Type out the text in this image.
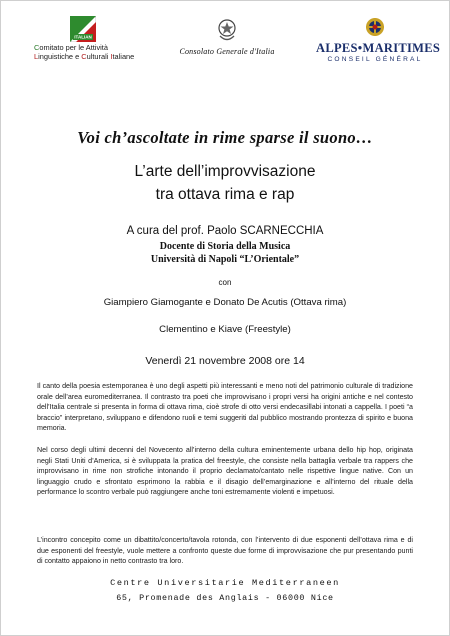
ITALIAN
Comitato per le Attività
Linguistiche e Culturali Italiane
Consolato Generale d'Italia	ALPES•MARITIMES
CONSEIL GÉNÉRAL
Voi ch’ascoltate in rime sparse il suono…
L’arte dell’improvvisazione
tra ottava rima e rap
A cura del prof. Paolo SCARNECCHIA
Docente di Storia della Musica
Università di Napoli “L’Orientale”
con
Giampiero Giamogante e Donato De Acutis (Ottava rima)
Clementino e Kiave (Freestyle)
Venerdì 21 novembre 2008 ore 14
Il canto della poesia estemporanea è uno degli aspetti più interessanti e meno noti del patrimonio culturale di tradizione orale dell’area euromediterranea. Il contrasto tra poeti che improvvisano i propri versi ha origini antiche e nel contesto dell’Italia centrale si presenta in forma di ottava rima, cioè strofe di otto versi endecasillabi intonati a cappella. I poeti “a braccio” interpretano, sviluppano e difendono ruoli e temi suggeriti dal pubblico mostrando prontezza di spirito e buona memoria.
Nel corso degli ultimi decenni del Novecento all’interno della cultura eminentemente urbana dello hip hop, originata negli Stati Uniti d’America, si è sviluppata la pratica del freestyle, che consiste nella battaglia verbale tra rappers che improvvisano in rime non strofiche intonando il proprio declamato/cantato nelle rispettive lingue native. Con un linguaggio crudo e sfrontato esprimono la rabbia e il disagio dell’emarginazione e all’interno del rituale della performance lo scontro verbale può raggiungere anche toni estremamente violenti e impetuosi.
L’incontro concepito come un dibattito/concerto/tavola rotonda, con l’intervento di due esponenti dell’ottava rima e di due esponenti del freestyle, vuole mettere a confronto queste due forme di improvvisazione che pur presentando punti di contatto appaiono in netto contrasto tra loro.
Centre Universitarie Mediterraneen
65, Promenade des Anglais - 06000 Nice
